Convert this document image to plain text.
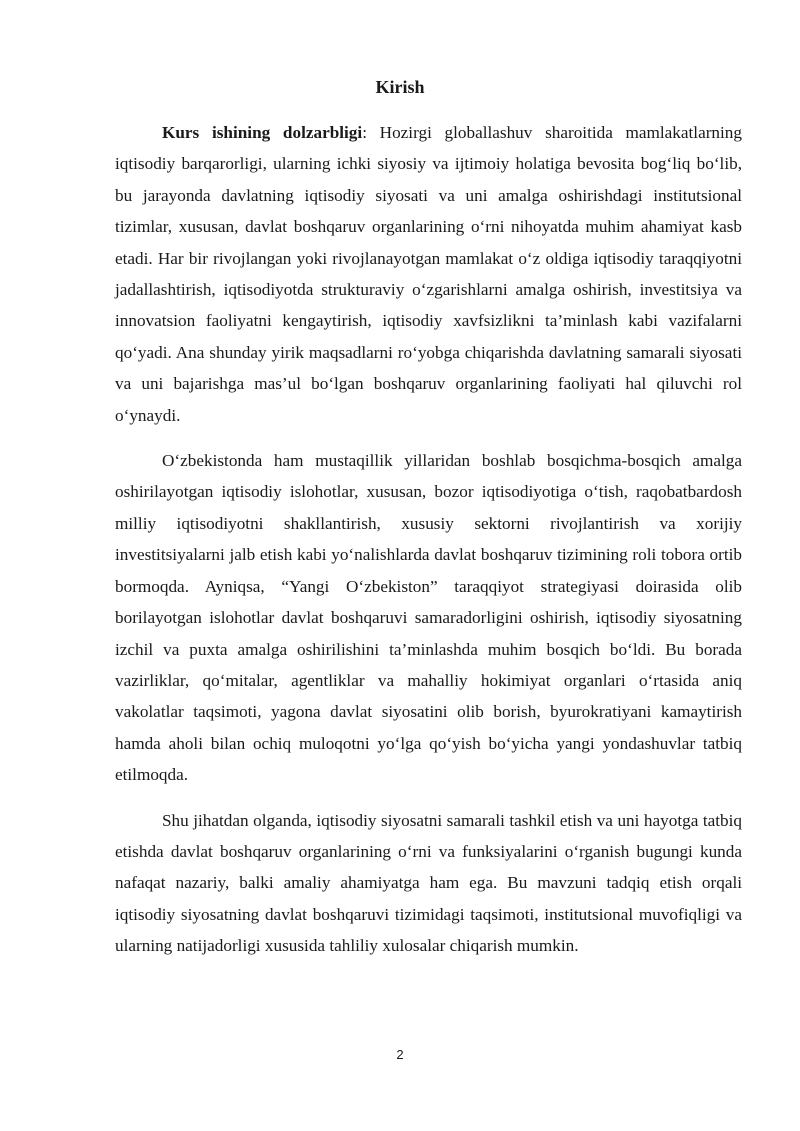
Kirish

Kurs ishining dolzarbligi: Hozirgi globallashuv sharoitida mamlakatlarning iqtisodiy barqarorligi, ularning ichki siyosiy va ijtimoiy holatiga bevosita bog‘liq bo‘lib, bu jarayonda davlatning iqtisodiy siyosati va uni amalga oshirishdagi institutsional tizimlar, xususan, davlat boshqaruv organlarining o‘rni nihoyatda muhim ahamiyat kasb etadi. Har bir rivojlangan yoki rivojlanayotgan mamlakat o‘z oldiga iqtisodiy taraqqiyotni jadallashtirish, iqtisodiyotda strukturaviy o‘zgarishlarni amalga oshirish, investitsiya va innovatsion faoliyatni kengaytirish, iqtisodiy xavfsizlikni ta’minlash kabi vazifalarni qo‘yadi. Ana shunday yirik maqsadlarni ro‘yobga chiqarishda davlatning samarali siyosati va uni bajarishga mas’ul bo‘lgan boshqaruv organlarining faoliyati hal qiluvchi rol o‘ynaydi.

O‘zbekistonda ham mustaqillik yillaridan boshlab bosqichma-bosqich amalga oshirilayotgan iqtisodiy islohotlar, xususan, bozor iqtisodiyotiga o‘tish, raqobatbardosh milliy iqtisodiyotni shakllantirish, xususiy sektorni rivojlantirish va xorijiy investitsiyalarni jalb etish kabi yo‘nalishlarda davlat boshqaruv tizimining roli tobora ortib bormoqda. Ayniqsa, “Yangi O‘zbekiston” taraqqiyot strategiyasi doirasida olib borilayotgan islohotlar davlat boshqaruvi samaradorligini oshirish, iqtisodiy siyosatning izchil va puxta amalga oshirilishini ta’minlashda muhim bosqich bo‘ldi. Bu borada vazirliklar, qo‘mitalar, agentliklar va mahalliy hokimiyat organlari o‘rtasida aniq vakolatlar taqsimoti, yagona davlat siyosatini olib borish, byurokratiyani kamaytirish hamda aholi bilan ochiq muloqotni yo‘lga qo‘yish bo‘yicha yangi yondashuvlar tatbiq etilmoqda.

Shu jihatdan olganda, iqtisodiy siyosatni samarali tashkil etish va uni hayotga tatbiq etishda davlat boshqaruv organlarining o‘rni va funksiyalarini o‘rganish bugungi kunda nafaqat nazariy, balki amaliy ahamiyatga ham ega. Bu mavzuni tadqiq etish orqali iqtisodiy siyosatning davlat boshqaruvi tizimidagi taqsimoti, institutsional muvofiqligi va ularning natijadorligi xususida tahliliy xulosalar chiqarish mumkin.

2
